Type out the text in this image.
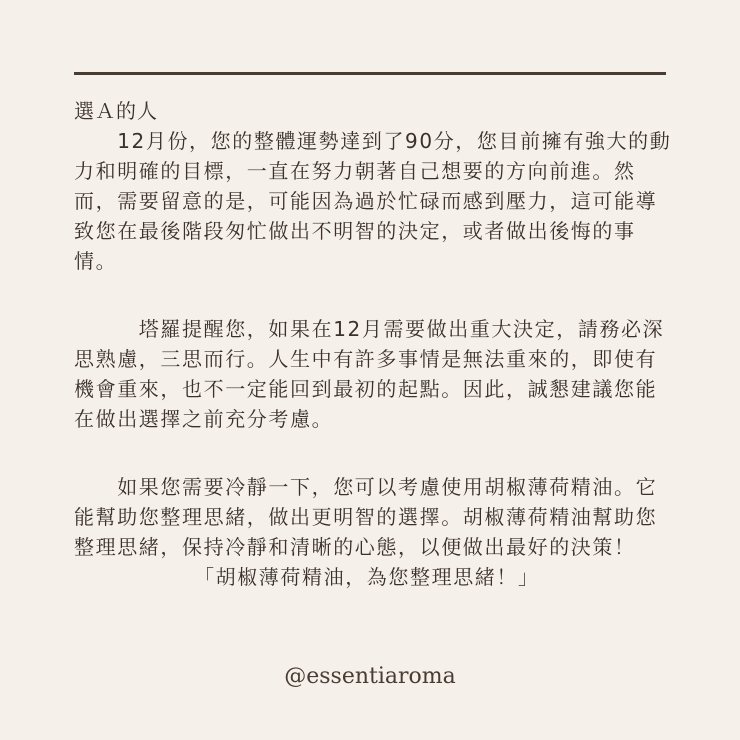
選Ａ的人

　　12月份，您的整體運勢達到了90分，您目前擁有強大的動力和明確的目標，一直在努力朝著自己想要的方向前進。然而，需要留意的是，可能因為過於忙碌而感到壓力，這可能導致您在最後階段匆忙做出不明智的決定，或者做出後悔的事情。

　　　塔羅提醒您，如果在12月需要做出重大決定，請務必深思熟慮，三思而行。人生中有許多事情是無法重來的，即使有機會重來，也不一定能回到最初的起點。因此，誠懇建議您能在做出選擇之前充分考慮。

　　如果您需要冷靜一下，您可以考慮使用胡椒薄荷精油。它能幫助您整理思緒，做出更明智的選擇。胡椒薄荷精油幫助您整理思緒，保持冷靜和清晰的心態，以便做出最好的決策！

「胡椒薄荷精油，為您整理思緒！」

@essentiaroma
